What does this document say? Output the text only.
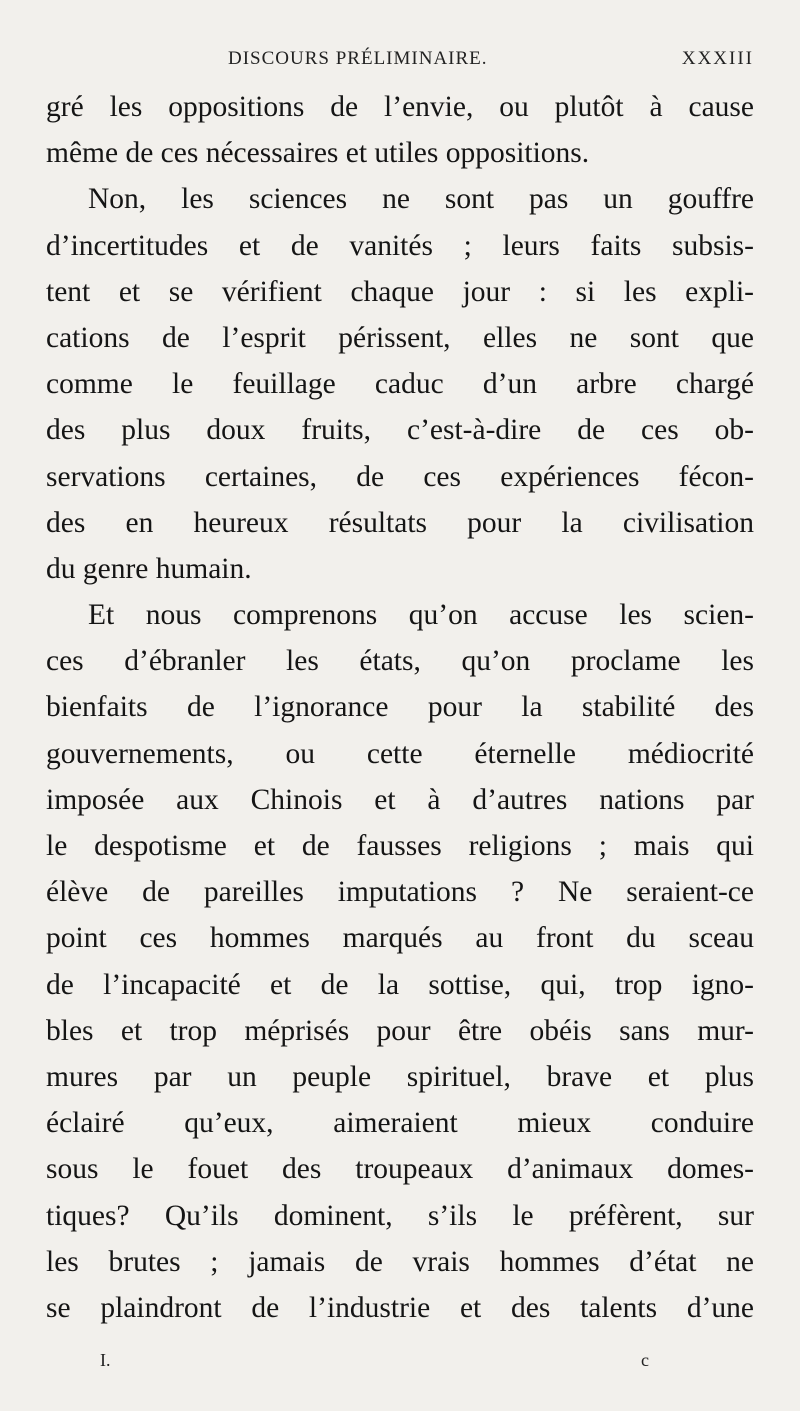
DISCOURS PRÉLIMINAIRE.	XXXIII
gré les oppositions de l’envie, ou plutôt à cause
même de ces nécessaires et utiles oppositions.
Non, les sciences ne sont pas un gouffre
d’incertitudes et de vanités ; leurs faits subsis-
tent et se vérifient chaque jour : si les expli-
cations de l’esprit périssent, elles ne sont que
comme le feuillage caduc d’un arbre chargé
des plus doux fruits, c’est-à-dire de ces ob-
servations certaines, de ces expériences fécon-
des en heureux résultats pour la civilisation
du genre humain.
Et nous comprenons qu’on accuse les scien-
ces d’ébranler les états, qu’on proclame les
bienfaits de l’ignorance pour la stabilité des
gouvernements, ou cette éternelle médiocrité
imposée aux Chinois et à d’autres nations par
le despotisme et de fausses religions ; mais qui
élève de pareilles imputations ? Ne seraient-ce
point ces hommes marqués au front du sceau
de l’incapacité et de la sottise, qui, trop igno-
bles et trop méprisés pour être obéis sans mur-
mures par un peuple spirituel, brave et plus
éclairé qu’eux, aimeraient mieux conduire
sous le fouet des troupeaux d’animaux domes-
tiques? Qu’ils dominent, s’ils le préfèrent, sur
les brutes ; jamais de vrais hommes d’état ne
se plaindront de l’industrie et des talents d’une
I.	c
